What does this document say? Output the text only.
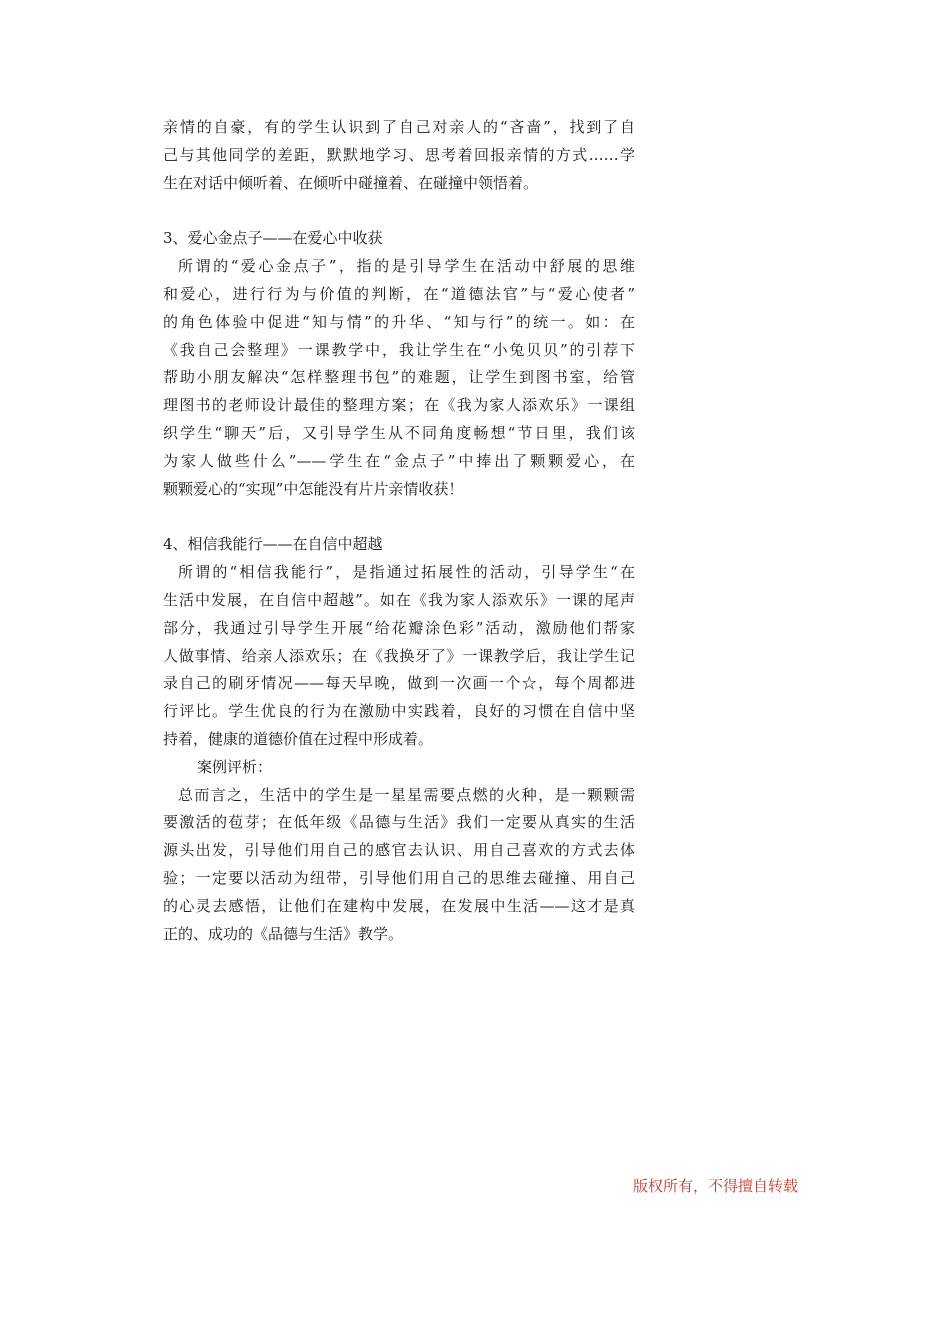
亲情的自豪，有的学生认识到了自己对亲人的“吝啬”，找到了自
己与其他同学的差距，默默地学习、思考着回报亲情的方式……学
生在对话中倾听着、在倾听中碰撞着、在碰撞中领悟着。
3、爱心金点子——在爱心中收获
所谓的“爱心金点子”，指的是引导学生在活动中舒展的思维
和爱心，进行行为与价值的判断，在“道德法官”与“爱心使者”
的角色体验中促进“知与情”的升华、“知与行”的统一。如：在
《我自己会整理》一课教学中，我让学生在“小兔贝贝”的引荐下
帮助小朋友解决“怎样整理书包”的难题，让学生到图书室，给管
理图书的老师设计最佳的整理方案；在《我为家人添欢乐》一课组
织学生“聊天”后，又引导学生从不同角度畅想“节日里，我们该
为家人做些什么”——学生在“金点子”中捧出了颗颗爱心，在
颗颗爱心的“实现”中怎能没有片片亲情收获！
4、相信我能行——在自信中超越
所谓的“相信我能行”，是指通过拓展性的活动，引导学生“在
生活中发展，在自信中超越”。如在《我为家人添欢乐》一课的尾声
部分，我通过引导学生开展“给花瓣涂色彩”活动，激励他们帮家
人做事情、给亲人添欢乐；在《我换牙了》一课教学后，我让学生记
录自己的刷牙情况——每天早晚，做到一次画一个☆，每个周都进
行评比。学生优良的行为在激励中实践着，良好的习惯在自信中坚
持着，健康的道德价值在过程中形成着。
案例评析：
总而言之，生活中的学生是一星星需要点燃的火种，是一颗颗需
要激活的苞芽；在低年级《品德与生活》我们一定要从真实的生活
源头出发，引导他们用自己的感官去认识、用自己喜欢的方式去体
验；一定要以活动为纽带，引导他们用自己的思维去碰撞、用自己
的心灵去感悟，让他们在建构中发展，在发展中生活——这才是真
正的、成功的《品德与生活》教学。
版权所有，不得擅自转载
